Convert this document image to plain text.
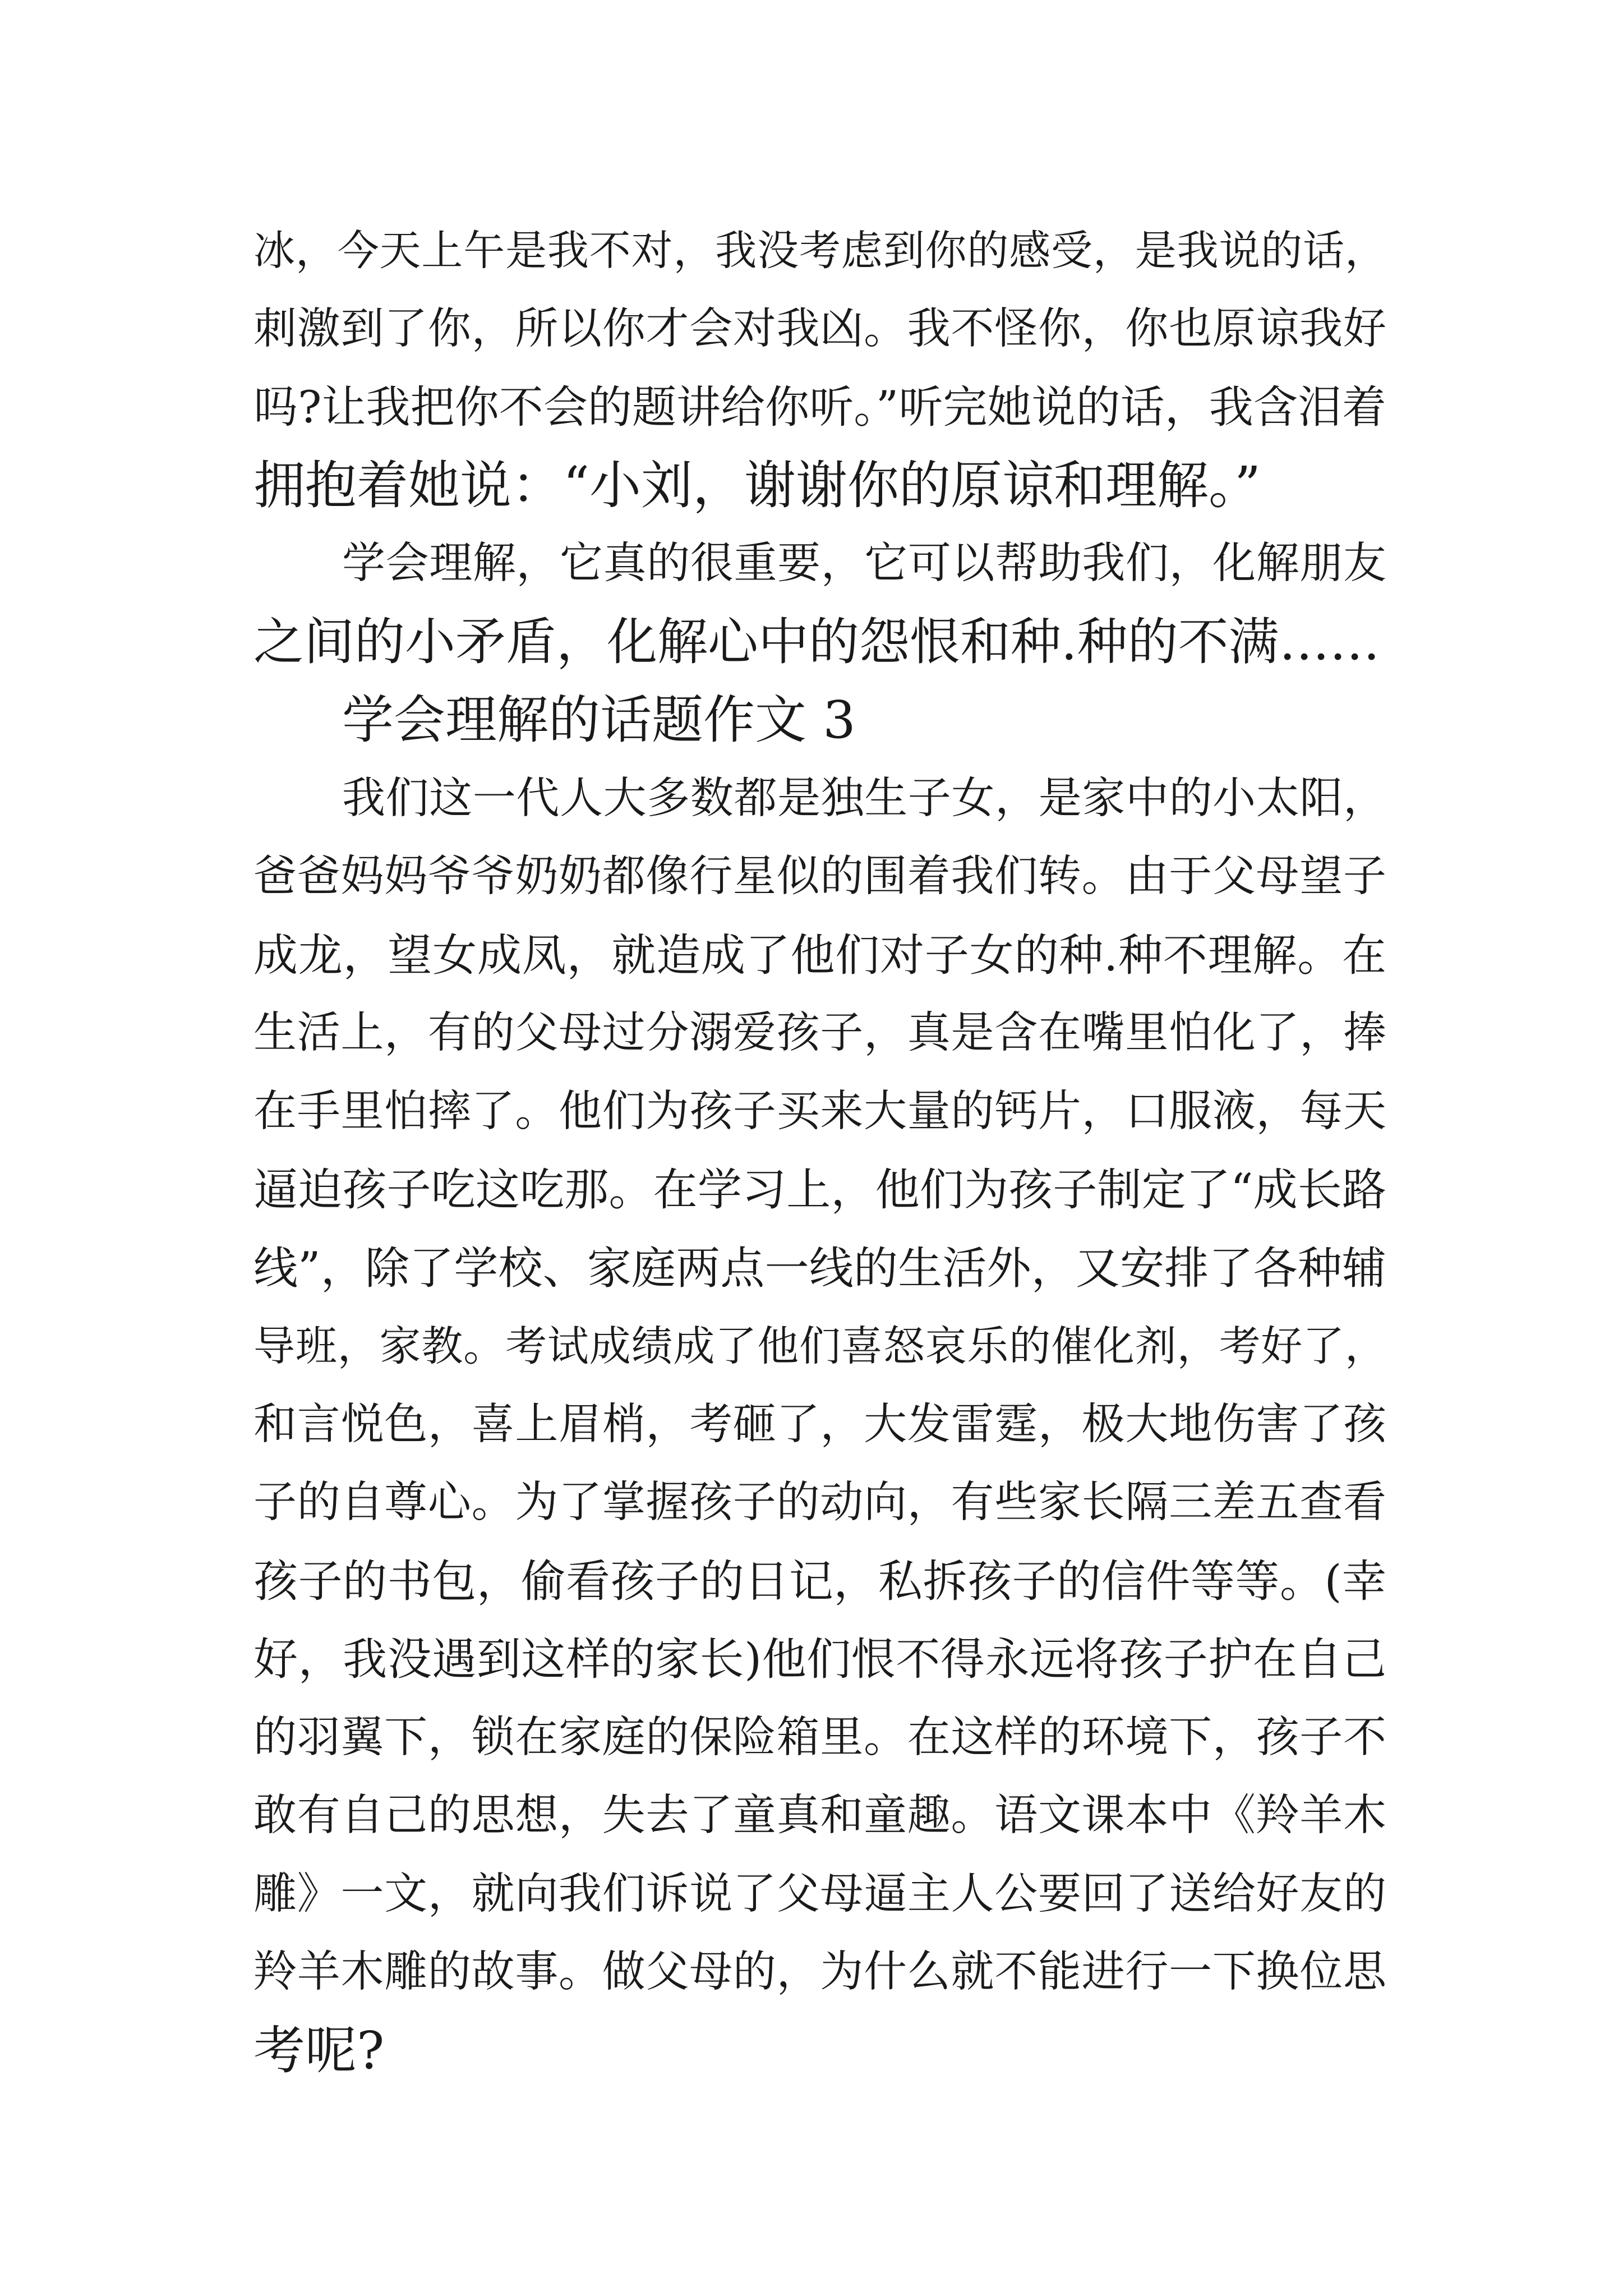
冰，今天上午是我不对，我没考虑到你的感受，是我说的话，
刺激到了你，所以你才会对我凶。我不怪你，你也原谅我好
吗?让我把你不会的题讲给你听。”听完她说的话，我含泪着
拥抱着她说：“小刘，谢谢你的原谅和理解。”
学会理解，它真的很重要，它可以帮助我们，化解朋友
之间的小矛盾，化解心中的怨恨和种.种的不满……
学会理解的话题作文 3
我们这一代人大多数都是独生子女，是家中的小太阳，
爸爸妈妈爷爷奶奶都像行星似的围着我们转。由于父母望子
成龙，望女成凤，就造成了他们对子女的种.种不理解。在
生活上，有的父母过分溺爱孩子，真是含在嘴里怕化了，捧
在手里怕摔了。他们为孩子买来大量的钙片，口服液，每天
逼迫孩子吃这吃那。在学习上，他们为孩子制定了“成长路
线”，除了学校、家庭两点一线的生活外，又安排了各种辅
导班，家教。考试成绩成了他们喜怒哀乐的催化剂，考好了，
和言悦色，喜上眉梢，考砸了，大发雷霆，极大地伤害了孩
子的自尊心。为了掌握孩子的动向，有些家长隔三差五查看
孩子的书包，偷看孩子的日记，私拆孩子的信件等等。(幸
好，我没遇到这样的家长)他们恨不得永远将孩子护在自己
的羽翼下，锁在家庭的保险箱里。在这样的环境下，孩子不
敢有自己的思想，失去了童真和童趣。语文课本中《羚羊木
雕》一文，就向我们诉说了父母逼主人公要回了送给好友的
羚羊木雕的故事。做父母的，为什么就不能进行一下换位思
考呢?
